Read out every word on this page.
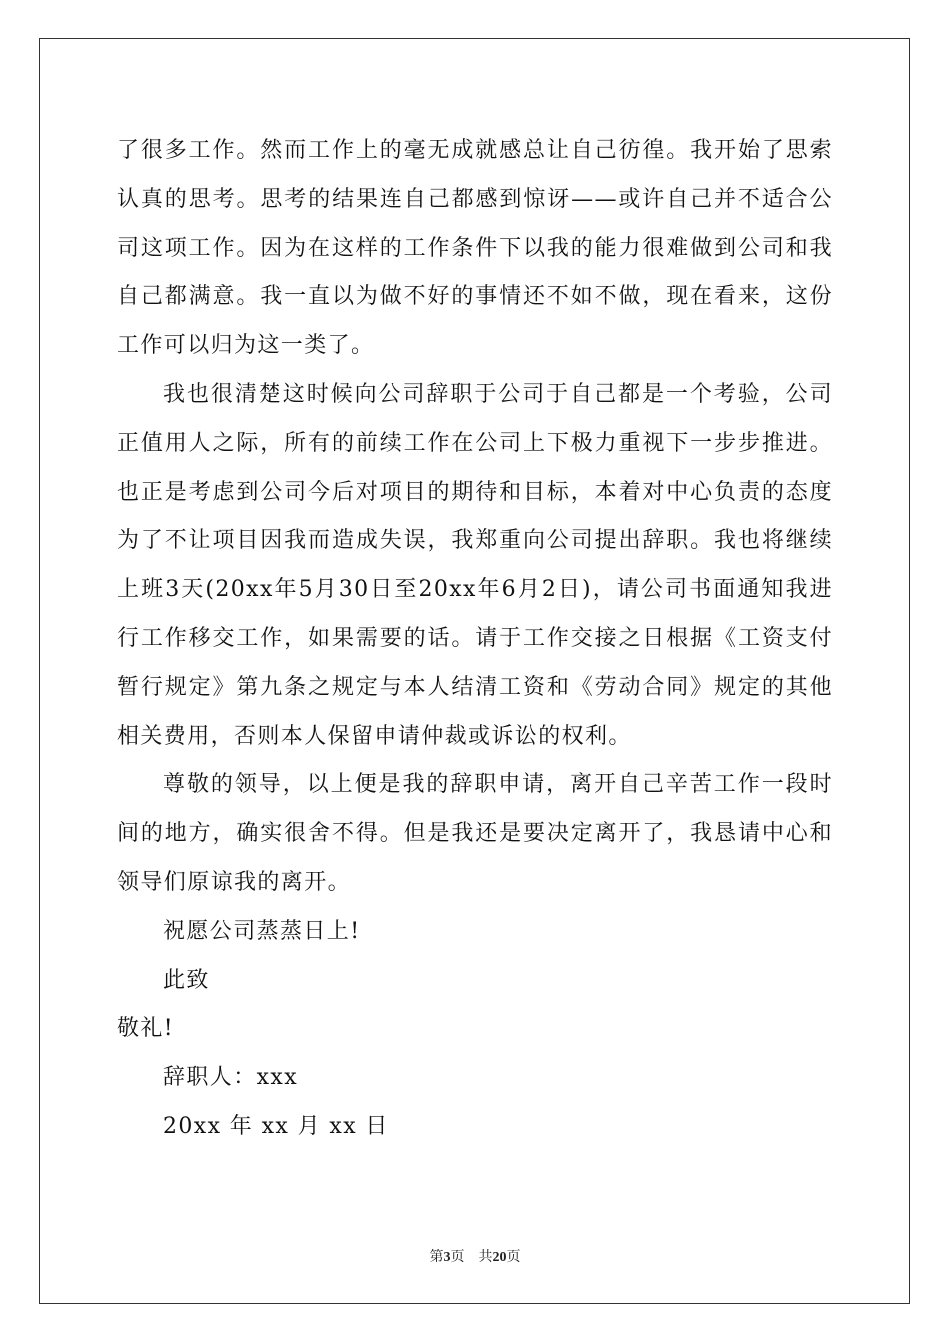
了很多工作。然而工作上的毫无成就感总让自己彷徨。我开始了思索认真的思考。思考的结果连自己都感到惊讶——或许自己并不适合公司这项工作。因为在这样的工作条件下以我的能力很难做到公司和我自己都满意。我一直以为做不好的事情还不如不做，现在看来，这份工作可以归为这一类了。

我也很清楚这时候向公司辞职于公司于自己都是一个考验，公司正值用人之际，所有的前续工作在公司上下极力重视下一步步推进。也正是考虑到公司今后对项目的期待和目标，本着对中心负责的态度为了不让项目因我而造成失误，我郑重向公司提出辞职。我也将继续上班3天(20xx年5月30日至20xx年6月2日)，请公司书面通知我进行工作移交工作，如果需要的话。请于工作交接之日根据《工资支付暂行规定》第九条之规定与本人结清工资和《劳动合同》规定的其他相关费用，否则本人保留申请仲裁或诉讼的权利。

尊敬的领导，以上便是我的辞职申请，离开自己辛苦工作一段时间的地方，确实很舍不得。但是我还是要决定离开了，我恳请中心和领导们原谅我的离开。

祝愿公司蒸蒸日上!

此致

敬礼!

辞职人：xxx

20xx 年 xx 月 xx 日

第3页 共20页
